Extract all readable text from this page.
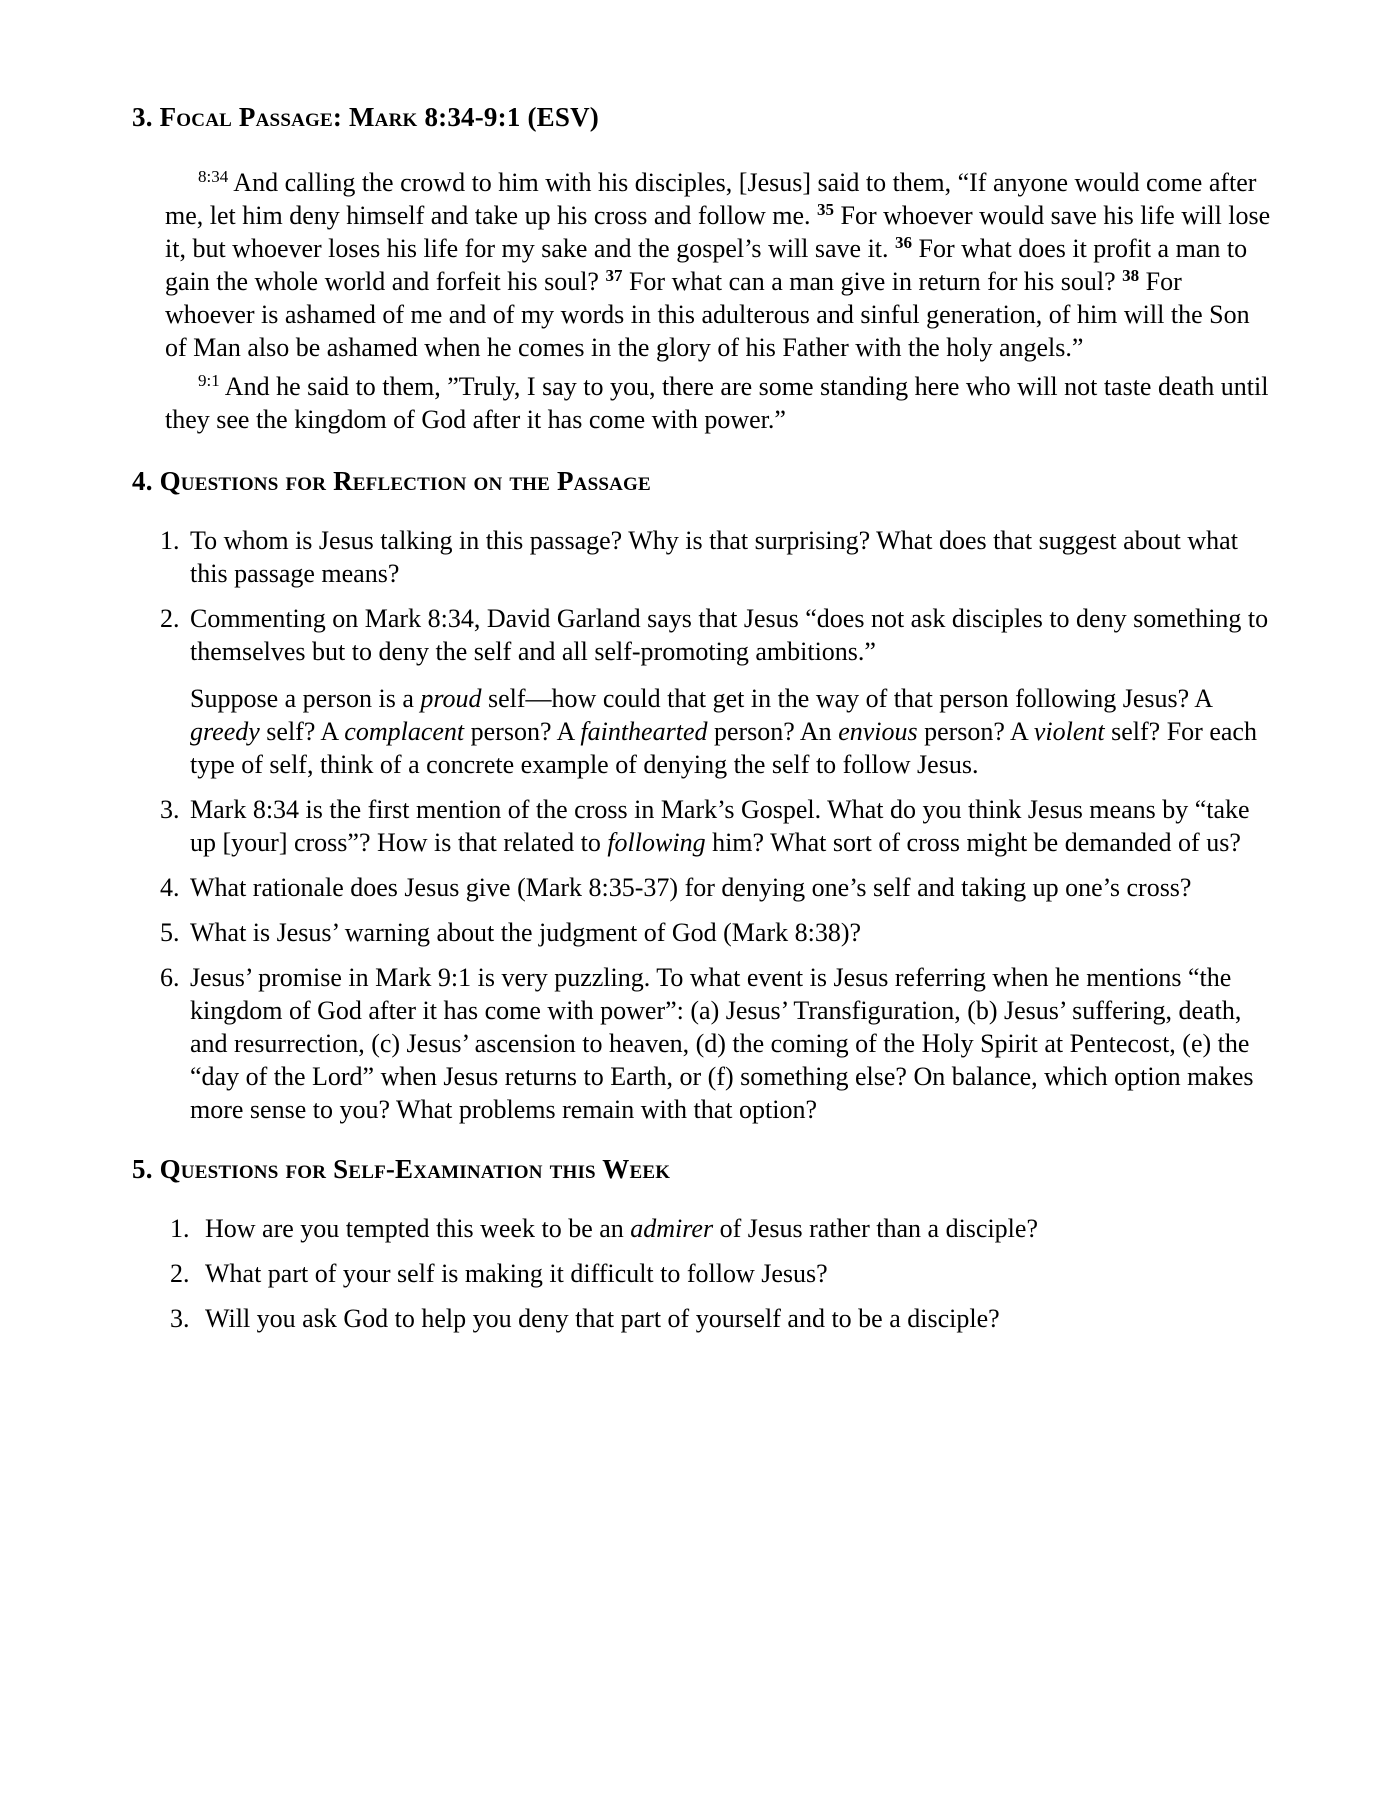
3. Focal Passage: Mark 8:34-9:1 (ESV)

$^{8:34}$ And calling the crowd to him with his disciples, [Jesus] said to them, “If anyone would come after me, let him deny himself and take up his cross and follow me. $^{35}$ For whoever would save his life will lose it, but whoever loses his life for my sake and the gospel’s will save it. $^{36}$ For what does it profit a man to gain the whole world and forfeit his soul? $^{37}$ For what can a man give in return for his soul? $^{38}$ For whoever is ashamed of me and of my words in this adulterous and sinful generation, of him will the Son of Man also be ashamed when he comes in the glory of his Father with the holy angels.”

$^{9:1}$ And he said to them, ”Truly, I say to you, there are some standing here who will not taste death until they see the kingdom of God after it has come with power.”

4. Questions for Reflection on the Passage
1. To whom is Jesus talking in this passage? Why is that surprising? What does that suggest about what this passage means?

2. Commenting on Mark 8:34, David Garland says that Jesus “does not ask disciples to deny something to themselves but to deny the self and all self-promoting ambitions.”

Suppose a person is a proud self—how could that get in the way of that person following Jesus? A greedy self? A complacent person? A fainthearted person? An envious person? A violent self? For each type of self, think of a concrete example of denying the self to follow Jesus.

3. Mark 8:34 is the first mention of the cross in Mark’s Gospel. What do you think Jesus means by “take up [your] cross”? How is that related to following him? What sort of cross might be demanded of us?

4. What rationale does Jesus give (Mark 8:35-37) for denying one’s self and taking up one’s cross?

5. What is Jesus’ warning about the judgment of God (Mark 8:38)?

6. Jesus’ promise in Mark 9:1 is very puzzling. To what event is Jesus referring when he mentions “the kingdom of God after it has come with power”: (a) Jesus’ Transfiguration, (b) Jesus’ suffering, death, and resurrection, (c) Jesus’ ascension to heaven, (d) the coming of the Holy Spirit at Pentecost, (e) the “day of the Lord” when Jesus returns to Earth, or (f) something else? On balance, which option makes more sense to you? What problems remain with that option?

5. Questions for Self-Examination this Week
1. How are you tempted this week to be an admirer of Jesus rather than a disciple?

2. What part of your self is making it difficult to follow Jesus?

3. Will you ask God to help you deny that part of yourself and to be a disciple?
